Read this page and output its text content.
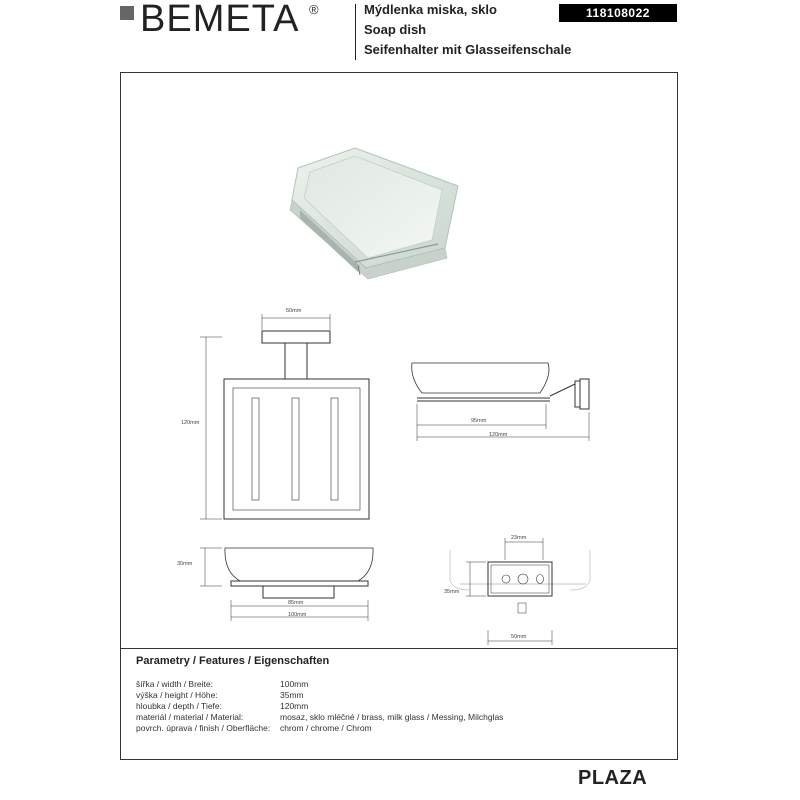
BEMETA ®	Mýdlenka miska, sklo
Soap dish
Seifenhalter mit Glasseifenschale
118108022
50mm
120mm	95mm
120mm
30mm
85mm
100mm
23mm
35mm
50mm
Parametry / Features / Eigenschaften
šířka / width / Breite:	100mm
výška / height / Höhe:	35mm
hloubka / depth / Tiefe:	120mm
materiál / material / Material:	mosaz, sklo mléčné / brass, milk glass / Messing, Milchglas
povrch. úprava / finish / Oberfläche: chrom / chrome / Chrom
PLAZA
